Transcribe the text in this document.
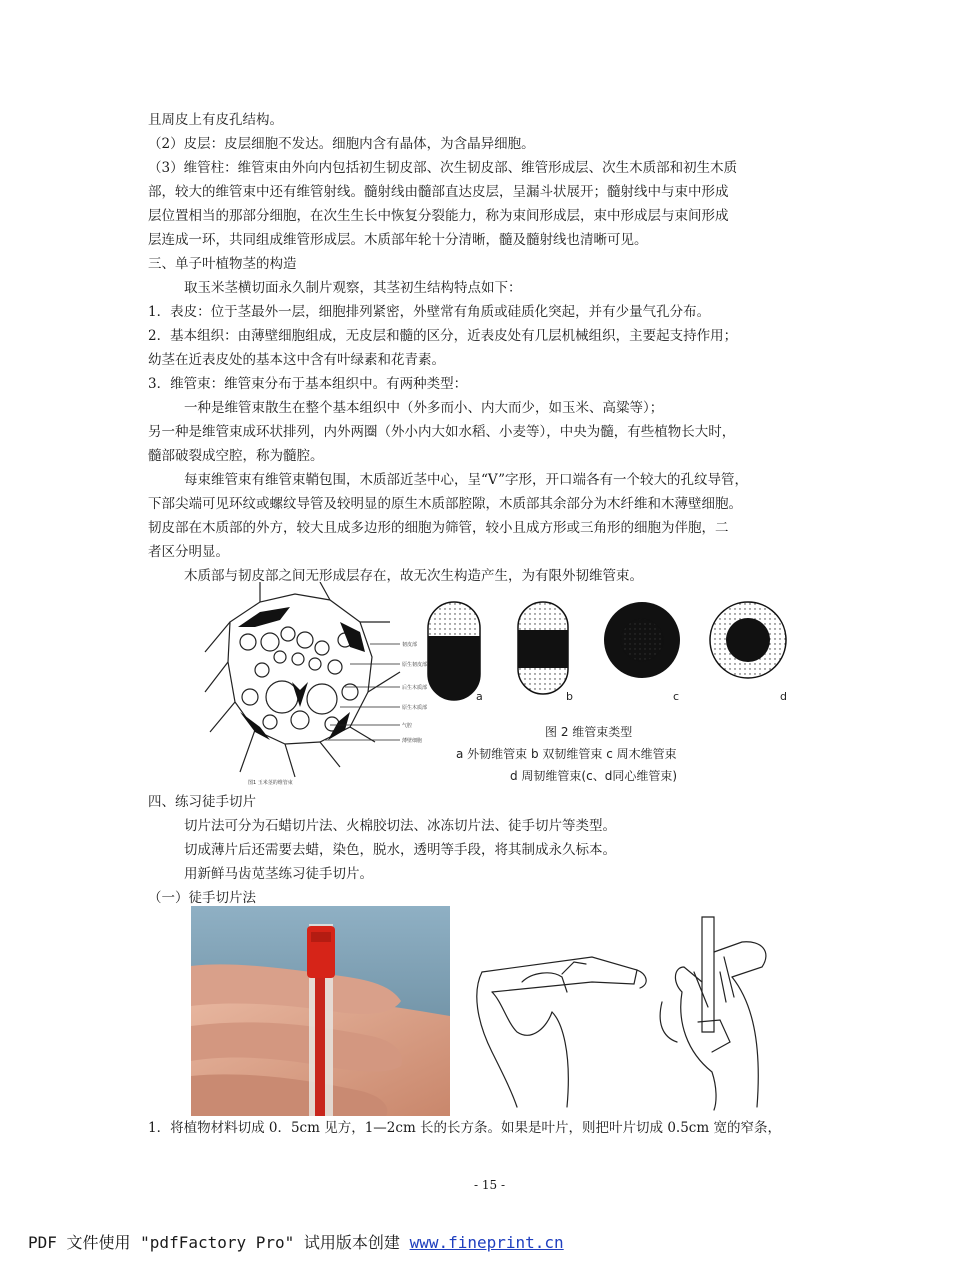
且周皮上有皮孔结构。
（2）皮层：皮层细胞不发达。细胞内含有晶体，为含晶异细胞。
（3）维管柱：维管束由外向内包括初生韧皮部、次生韧皮部、维管形成层、次生木质部和初生木质
部，较大的维管束中还有维管射线。髓射线由髓部直达皮层，呈漏斗状展开；髓射线中与束中形成
层位置相当的那部分细胞，在次生生长中恢复分裂能力，称为束间形成层，束中形成层与束间形成
层连成一环，共同组成维管形成层。木质部年轮十分清晰，髓及髓射线也清晰可见。
三、单子叶植物茎的构造
取玉米茎横切面永久制片观察，其茎初生结构特点如下：
1．表皮：位于茎最外一层，细胞排列紧密，外壁常有角质或硅质化突起，并有少量气孔分布。
2．基本组织：由薄壁细胞组成，无皮层和髓的区分，近表皮处有几层机械组织，主要起支持作用；
幼茎在近表皮处的基本这中含有叶绿素和花青素。
3．维管束：维管束分布于基本组织中。有两种类型：
一种是维管束散生在整个基本组织中（外多而小、内大而少，如玉米、高粱等）；
另一种是维管束成环状排列，内外两圈（外小内大如水稻、小麦等），中央为髓，有些植物长大时，
髓部破裂成空腔，称为髓腔。
每束维管束有维管束鞘包围，木质部近茎中心，呈“V”字形，开口端各有一个较大的孔纹导管，
下部尖端可见环纹或螺纹导管及较明显的原生木质部腔隙，木质部其余部分为木纤维和木薄壁细胞。
韧皮部在木质部的外方，较大且成多边形的细胞为筛管，较小且成方形或三角形的细胞为伴胞，二
者区分明显。
木质部与韧皮部之间无形成层存在，故无次生构造产生，为有限外韧维管束。
韧皮部
原生韧皮部
后生木质部
原生木质部
气腔
薄壁细胞
图1 玉米茎的维管束
a	b	c	d
图 2 维管束类型
a 外韧维管束 b 双韧维管束 c 周木维管束
d 周韧维管束(c、d同心维管束)
四、练习徒手切片
切片法可分为石蜡切片法、火棉胶切法、冰冻切片法、徒手切片等类型。
切成薄片后还需要去蜡，染色，脱水，透明等手段，将其制成永久标本。
用新鲜马齿苋茎练习徒手切片。
（一）徒手切片法
1．将植物材料切成 0．5cm 见方，1—2cm 长的长方条。如果是叶片，则把叶片切成 0.5cm 宽的窄条，
- 15 -
PDF 文件使用 "pdfFactory Pro" 试用版本创建 www.fineprint.cn
